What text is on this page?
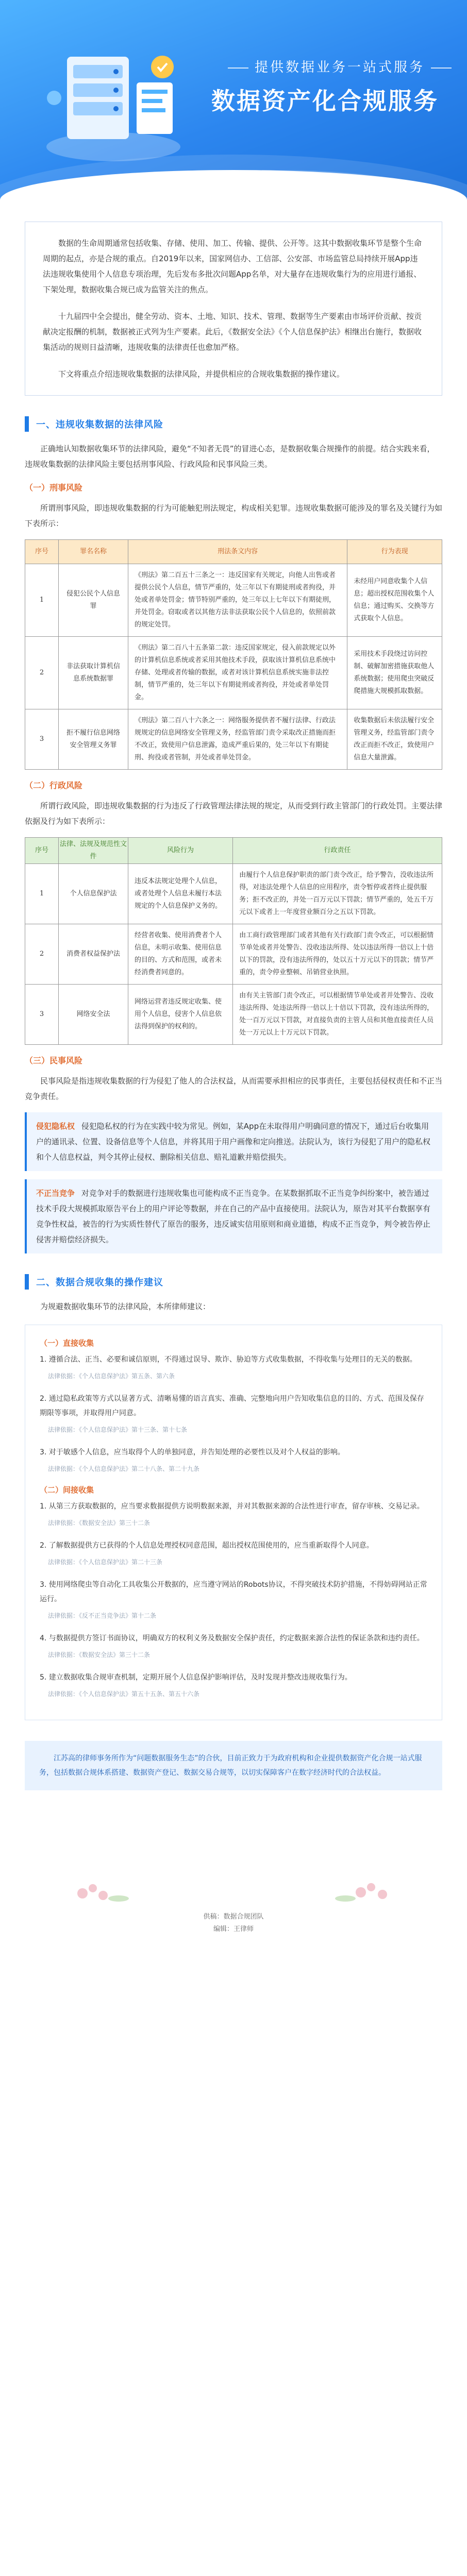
提供数据业务一站式服务
数据资产化合规服务

数据的生命周期通常包括收集、存储、使用、加工、传输、提供、公开等。这其中数据收集环节是整个生命周期的起点，亦是合规的重点。自2019年以来，国家网信办、工信部、公安部、市场监管总局持续开展App违法违规收集使用个人信息专项治理，先后发布多批次问题App名单，对大量存在违规收集行为的应用进行通报、下架处理，数据收集合规已成为监管关注的焦点。

十九届四中全会提出，健全劳动、资本、土地、知识、技术、管理、数据等生产要素由市场评价贡献、按贡献决定报酬的机制，数据被正式列为生产要素。此后，《数据安全法》《个人信息保护法》相继出台施行，数据收集活动的规则日益清晰，违规收集的法律责任也愈加严格。

下文将重点介绍违规收集数据的法律风险，并提供相应的合规收集数据的操作建议。

一、违规收集数据的法律风险
正确地认知数据收集环节的法律风险，避免“不知者无畏”的冒进心态，是数据收集合规操作的前提。结合实践来看，违规收集数据的法律风险主要包括刑事风险、行政风险和民事风险三类。
（一）刑事风险
所谓刑事风险，即违规收集数据的行为可能触犯刑法规定，构成相关犯罪。违规收集数据可能涉及的罪名及关键行为如下表所示：
序号	罪名名称	刑法条文内容	行为表现
1	侵犯公民个人信息罪	《刑法》第二百五十三条之一：违反国家有关规定，向他人出售或者提供公民个人信息，情节严重的，处三年以下有期徒刑或者拘役，并处或者单处罚金；情节特别严重的，处三年以上七年以下有期徒刑，并处罚金。窃取或者以其他方法非法获取公民个人信息的，依照前款的规定处罚。	未经用户同意收集个人信息；超出授权范围收集个人信息；通过购买、交换等方式获取个人信息。
2	非法获取计算机信息系统数据罪	《刑法》第二百八十五条第二款：违反国家规定，侵入前款规定以外的计算机信息系统或者采用其他技术手段，获取该计算机信息系统中存储、处理或者传输的数据，或者对该计算机信息系统实施非法控制，情节严重的，处三年以下有期徒刑或者拘役，并处或者单处罚金。	采用技术手段绕过访问控制、破解加密措施获取他人系统数据；使用爬虫突破反爬措施大规模抓取数据。
3	拒不履行信息网络安全管理义务罪	《刑法》第二百八十六条之一：网络服务提供者不履行法律、行政法规规定的信息网络安全管理义务，经监管部门责令采取改正措施而拒不改正，致使用户信息泄露，造成严重后果的，处三年以下有期徒刑、拘役或者管制，并处或者单处罚金。	收集数据后未依法履行安全管理义务，经监管部门责令改正而拒不改正，致使用户信息大量泄露。
（二）行政风险
所谓行政风险，即违规收集数据的行为违反了行政管理法律法规的规定，从而受到行政主管部门的行政处罚。主要法律依据及行为如下表所示：
序号	法律、法规及规范性文件	风险行为	行政责任
1	个人信息保护法	违反本法规定处理个人信息，或者处理个人信息未履行本法规定的个人信息保护义务的。	由履行个人信息保护职责的部门责令改正，给予警告，没收违法所得，对违法处理个人信息的应用程序，责令暂停或者终止提供服务；拒不改正的，并处一百万元以下罚款；情节严重的，处五千万元以下或者上一年度营业额百分之五以下罚款。
2	消费者权益保护法	经营者收集、使用消费者个人信息，未明示收集、使用信息的目的、方式和范围，或者未经消费者同意的。	由工商行政管理部门或者其他有关行政部门责令改正，可以根据情节单处或者并处警告、没收违法所得、处以违法所得一倍以上十倍以下的罚款，没有违法所得的，处以五十万元以下的罚款；情节严重的，责令停业整顿、吊销营业执照。
3	网络安全法	网络运营者违反规定收集、使用个人信息，侵害个人信息依法得到保护的权利的。	由有关主管部门责令改正，可以根据情节单处或者并处警告、没收违法所得、处违法所得一倍以上十倍以下罚款，没有违法所得的，处一百万元以下罚款，对直接负责的主管人员和其他直接责任人员处一万元以上十万元以下罚款。
（三）民事风险
民事风险是指违规收集数据的行为侵犯了他人的合法权益，从而需要承担相应的民事责任，主要包括侵权责任和不正当竞争责任。
侵犯隐私权 侵犯隐私权的行为在实践中较为常见。例如，某App在未取得用户明确同意的情况下，通过后台收集用户的通讯录、位置、设备信息等个人信息，并将其用于用户画像和定向推送。法院认为，该行为侵犯了用户的隐私权和个人信息权益，判令其停止侵权、删除相关信息、赔礼道歉并赔偿损失。
不正当竞争 对竞争对手的数据进行违规收集也可能构成不正当竞争。在某数据抓取不正当竞争纠纷案中，被告通过技术手段大规模抓取原告平台上的用户评论等数据，并在自己的产品中直接使用。法院认为，原告对其平台数据享有竞争性权益，被告的行为实质性替代了原告的服务，违反诚实信用原则和商业道德，构成不正当竞争，判令被告停止侵害并赔偿经济损失。
二、数据合规收集的操作建议
为规避数据收集环节的法律风险，本所律师建议：
（一）直接收集
1. 遵循合法、正当、必要和诚信原则，不得通过误导、欺诈、胁迫等方式收集数据，不得收集与处理目的无关的数据。
法律依据：《个人信息保护法》第五条、第六条
2. 通过隐私政策等方式以显著方式、清晰易懂的语言真实、准确、完整地向用户告知收集信息的目的、方式、范围及保存期限等事项，并取得用户同意。
法律依据：《个人信息保护法》第十三条、第十七条
3. 对于敏感个人信息，应当取得个人的单独同意，并告知处理的必要性以及对个人权益的影响。
法律依据：《个人信息保护法》第二十八条、第二十九条
（二）间接收集
1. 从第三方获取数据的，应当要求数据提供方说明数据来源，并对其数据来源的合法性进行审查，留存审核、交易记录。
法律依据：《数据安全法》第三十二条
2. 了解数据提供方已获得的个人信息处理授权同意范围，超出授权范围使用的，应当重新取得个人同意。
法律依据：《个人信息保护法》第二十三条
3. 使用网络爬虫等自动化工具收集公开数据的，应当遵守网站的Robots协议，不得突破技术防护措施，不得妨碍网站正常运行。
法律依据：《反不正当竞争法》第十二条
4. 与数据提供方签订书面协议，明确双方的权利义务及数据安全保护责任，约定数据来源合法性的保证条款和违约责任。
法律依据：《数据安全法》第三十二条
5. 建立数据收集合规审查机制，定期开展个人信息保护影响评估，及时发现并整改违规收集行为。
法律依据：《个人信息保护法》第五十五条、第五十六条
江苏高的律师事务所作为“问题数据服务生态”的合伙，目前正致力于为政府机构和企业提供数据资产化合规一站式服务，包括数据合规体系搭建、数据资产登记、数据交易合规等，以切实保障客户在数字经济时代的合法权益。
供稿：数据合规团队
编辑：王律师
